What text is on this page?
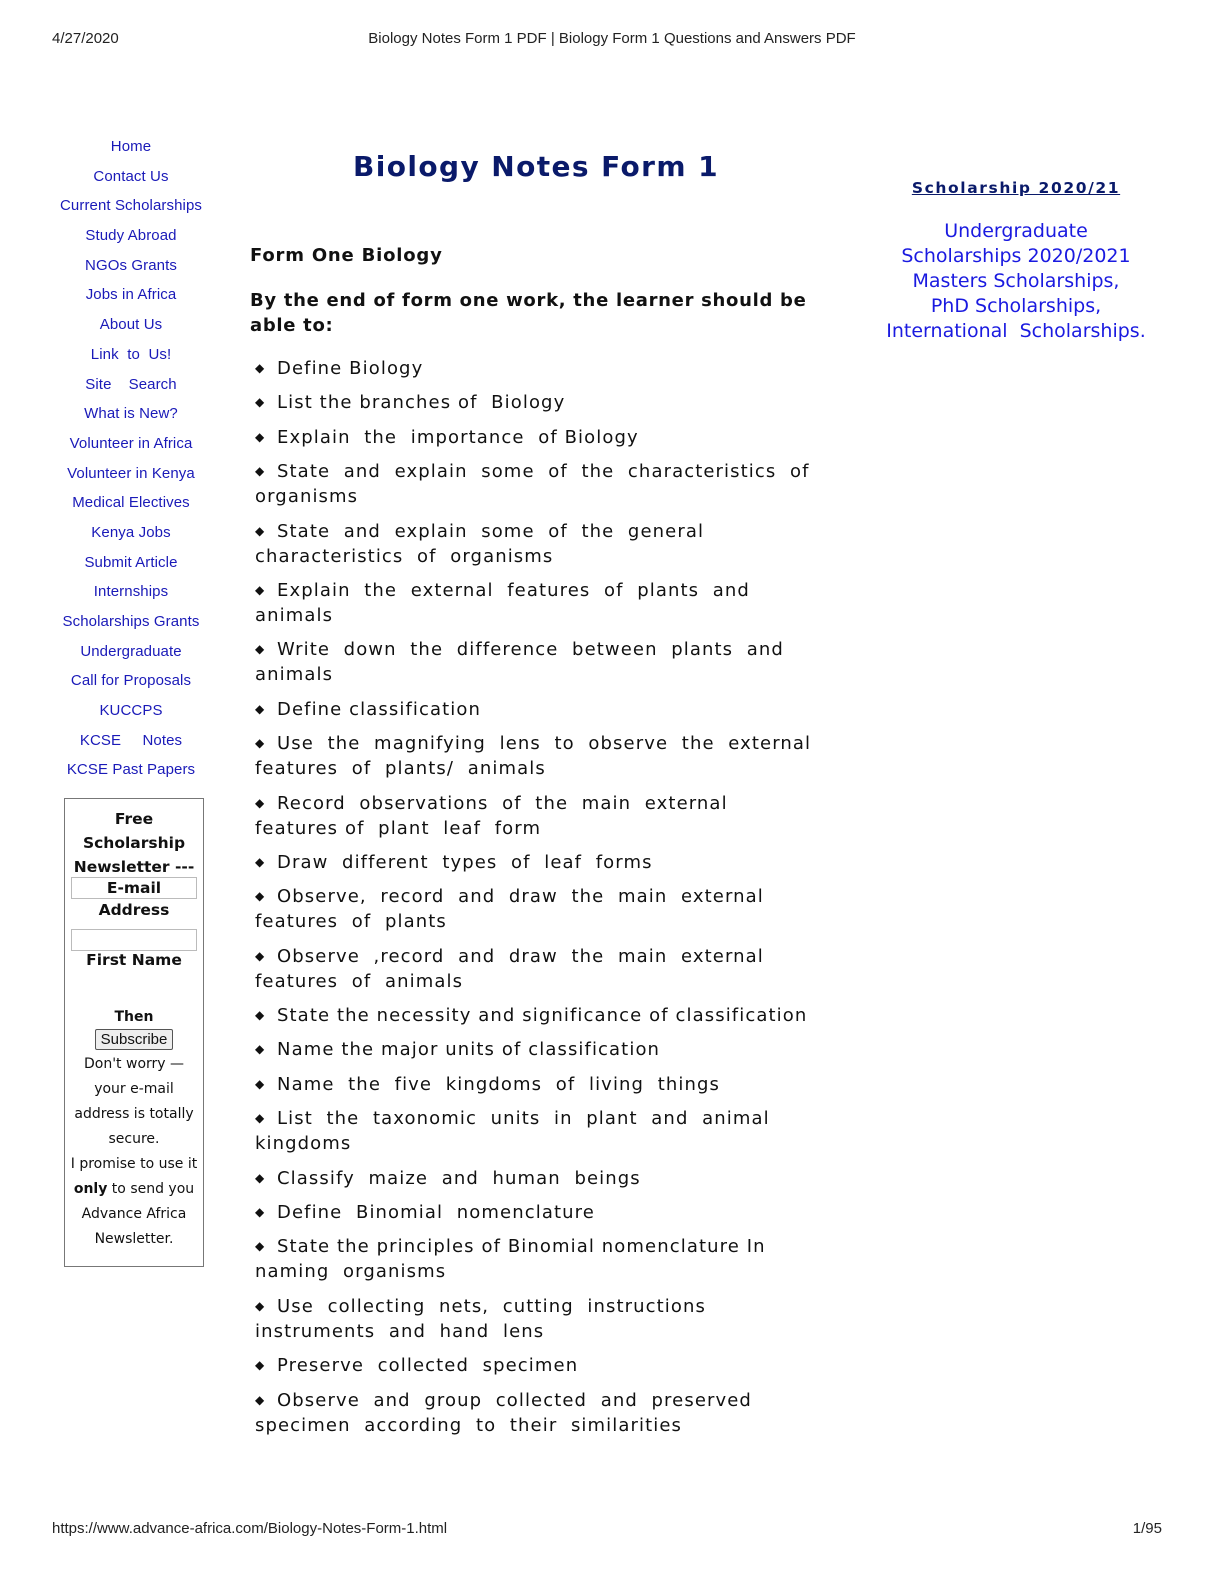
4/27/2020	Biology Notes Form 1 PDF | Biology Form 1 Questions and Answers PDF
Home
Contact Us
Current Scholarships
Study Abroad
NGOs Grants
Jobs in Africa
About Us
Link  to  Us!
Site    Search
What is New?
Volunteer in Africa
Volunteer in Kenya
Medical Electives
Kenya Jobs
Submit Article
Internships
Scholarships Grants
Undergraduate
Call for Proposals
KUCCPS
KCSE     Notes
KCSE Past Papers
Free
Scholarship
Newsletter ---
E-mail
Address
First Name
Then
Subscribe
Don't worry —
your e-mail
address is totally
secure.
I promise to use it
only to send you
Advance Africa
Newsletter.
Biology Notes Form 1
Form One Biology
By the end of form one work, the learner should be able to:
◆ Define Biology
◆ List the branches of  Biology
◆ Explain  the  importance  of Biology
◆ State  and  explain  some  of  the  characteristics  of organisms
◆ State  and  explain  some  of  the  general characteristics  of  organisms
◆ Explain  the  external  features  of  plants  and  animals
◆ Write  down  the  difference  between  plants  and animals
◆ Define classification
◆ Use  the  magnifying  lens  to  observe  the  external features  of  plants/  animals
◆ Record  observations  of  the  main  external  features of  plant  leaf  form
◆ Draw  different  types  of  leaf  forms
◆ Observe,  record  and  draw  the  main  external features  of  plants
◆ Observe  ,record  and  draw  the  main  external features  of  animals
◆ State the necessity and significance of classification
◆ Name the major units of classification
◆ Name  the  five  kingdoms  of  living  things
◆ List  the  taxonomic  units  in  plant  and  animal kingdoms
◆ Classify  maize  and  human  beings
◆ Define  Binomial  nomenclature
◆ State the principles of Binomial nomenclature In naming  organisms
◆ Use  collecting  nets,  cutting  instructions instruments  and  hand  lens
◆ Preserve  collected  specimen
◆ Observe  and  group  collected  and  preserved specimen  according  to  their  similarities
Scholarship 2020/21
Undergraduate
Scholarships 2020/2021
Masters Scholarships,
PhD Scholarships,
International  Scholarships.
https://www.advance-africa.com/Biology-Notes-Form-1.html	1/95
